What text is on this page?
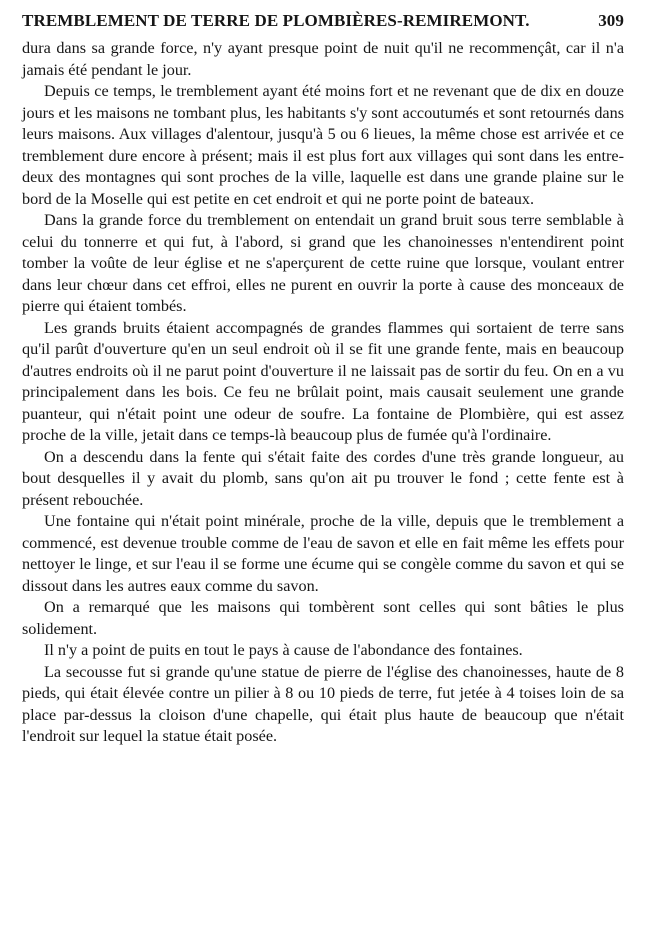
TREMBLEMENT DE TERRE DE PLOMBIÈRES-REMIREMONT.	309

dura dans sa grande force, n'y ayant presque point de nuit qu'il ne recommençât, car il n'a jamais été pendant le jour.

Depuis ce temps, le tremblement ayant été moins fort et ne revenant que de dix en douze jours et les maisons ne tombant plus, les habitants s'y sont accoutumés et sont retournés dans leurs maisons. Aux villages d'alentour, jusqu'à 5 ou 6 lieues, la même chose est arrivée et ce tremblement dure encore à présent; mais il est plus fort aux villages qui sont dans les entre-deux des montagnes qui sont proches de la ville, laquelle est dans une grande plaine sur le bord de la Moselle qui est petite en cet endroit et qui ne porte point de bateaux.

Dans la grande force du tremblement on entendait un grand bruit sous terre semblable à celui du tonnerre et qui fut, à l'abord, si grand que les chanoinesses n'entendirent point tomber la voûte de leur église et ne s'aperçurent de cette ruine que lorsque, voulant entrer dans leur chœur dans cet effroi, elles ne purent en ouvrir la porte à cause des monceaux de pierre qui étaient tombés.

Les grands bruits étaient accompagnés de grandes flammes qui sortaient de terre sans qu'il parût d'ouverture qu'en un seul endroit où il se fit une grande fente, mais en beaucoup d'autres endroits où il ne parut point d'ouverture il ne laissait pas de sortir du feu. On en a vu principalement dans les bois. Ce feu ne brûlait point, mais causait seulement une grande puanteur, qui n'était point une odeur de soufre. La fontaine de Plombière, qui est assez proche de la ville, jetait dans ce temps-là beaucoup plus de fumée qu'à l'ordinaire.

On a descendu dans la fente qui s'était faite des cordes d'une très grande longueur, au bout desquelles il y avait du plomb, sans qu'on ait pu trouver le fond ; cette fente est à présent rebouchée.

Une fontaine qui n'était point minérale, proche de la ville, depuis que le tremblement a commencé, est devenue trouble comme de l'eau de savon et elle en fait même les effets pour nettoyer le linge, et sur l'eau il se forme une écume qui se congèle comme du savon et qui se dissout dans les autres eaux comme du savon.

On a remarqué que les maisons qui tombèrent sont celles qui sont bâties le plus solidement.

Il n'y a point de puits en tout le pays à cause de l'abondance des fontaines.

La secousse fut si grande qu'une statue de pierre de l'église des chanoinesses, haute de 8 pieds, qui était élevée contre un pilier à 8 ou 10 pieds de terre, fut jetée à 4 toises loin de sa place par-dessus la cloison d'une chapelle, qui était plus haute de beaucoup que n'était l'endroit sur lequel la statue était posée.
